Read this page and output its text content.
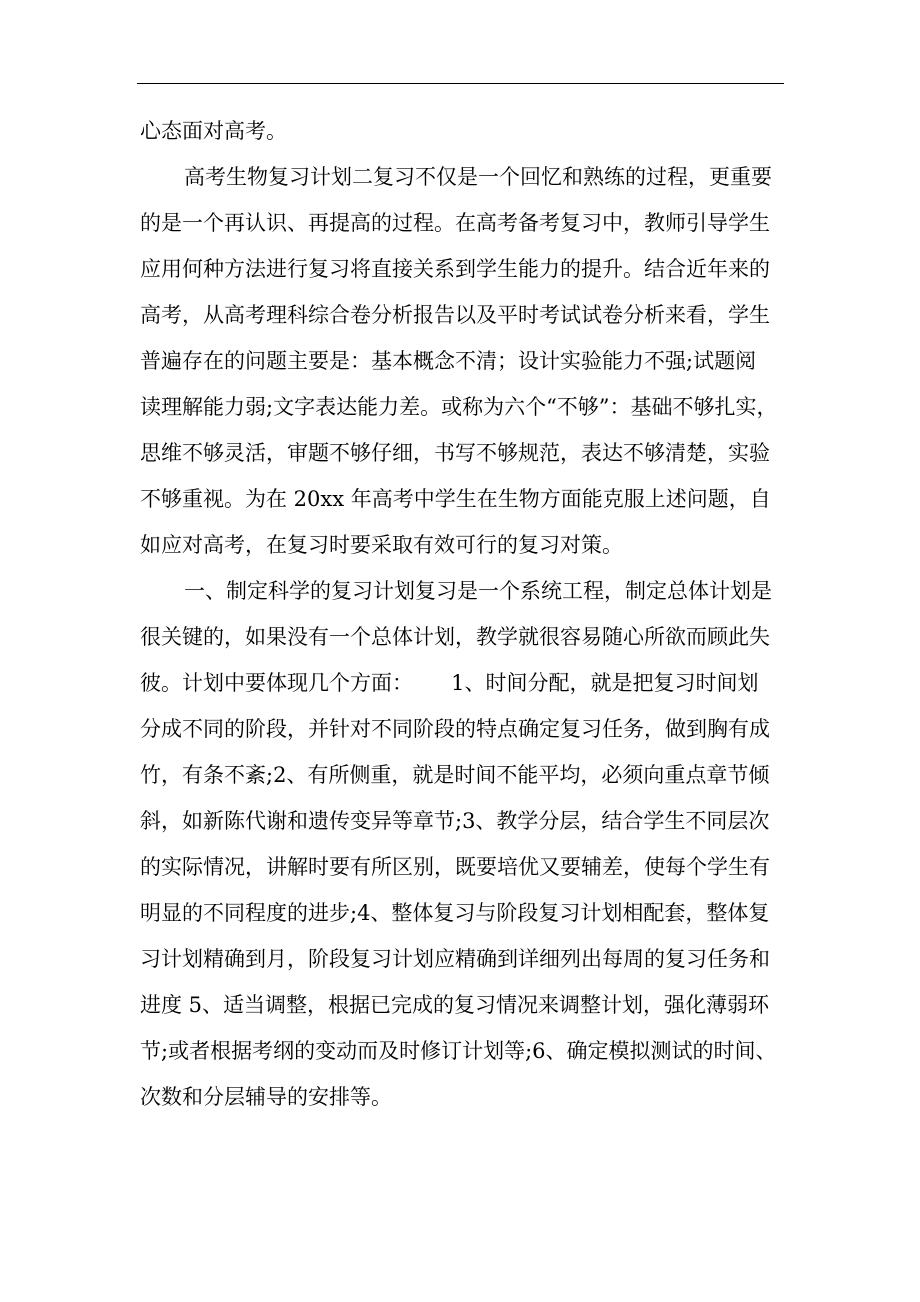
心态面对高考。
高考生物复习计划二复习不仅是一个回忆和熟练的过程，更重要
的是一个再认识、再提高的过程。在高考备考复习中，教师引导学生
应用何种方法进行复习将直接关系到学生能力的提升。结合近年来的
高考，从高考理科综合卷分析报告以及平时考试试卷分析来看，学生
普遍存在的问题主要是：基本概念不清；设计实验能力不强;试题阅
读理解能力弱;文字表达能力差。或称为六个“不够”：基础不够扎实，
思维不够灵活，审题不够仔细，书写不够规范，表达不够清楚，实验
不够重视。为在 20xx 年高考中学生在生物方面能克服上述问题，自
如应对高考，在复习时要采取有效可行的复习对策。
一、制定科学的复习计划复习是一个系统工程，制定总体计划是
很关键的，如果没有一个总体计划，教学就很容易随心所欲而顾此失
彼。计划中要体现几个方面：　　 1、时间分配，就是把复习时间划
分成不同的阶段，并针对不同阶段的特点确定复习任务，做到胸有成
竹，有条不紊;2、有所侧重，就是时间不能平均，必须向重点章节倾
斜，如新陈代谢和遗传变异等章节;3、教学分层，结合学生不同层次
的实际情况，讲解时要有所区别，既要培优又要辅差，使每个学生有
明显的不同程度的进步;4、整体复习与阶段复习计划相配套，整体复
习计划精确到月，阶段复习计划应精确到详细列出每周的复习任务和
进度 5、适当调整，根据已完成的复习情况来调整计划，强化薄弱环
节;或者根据考纲的变动而及时修订计划等;6、确定模拟测试的时间、
次数和分层辅导的安排等。
